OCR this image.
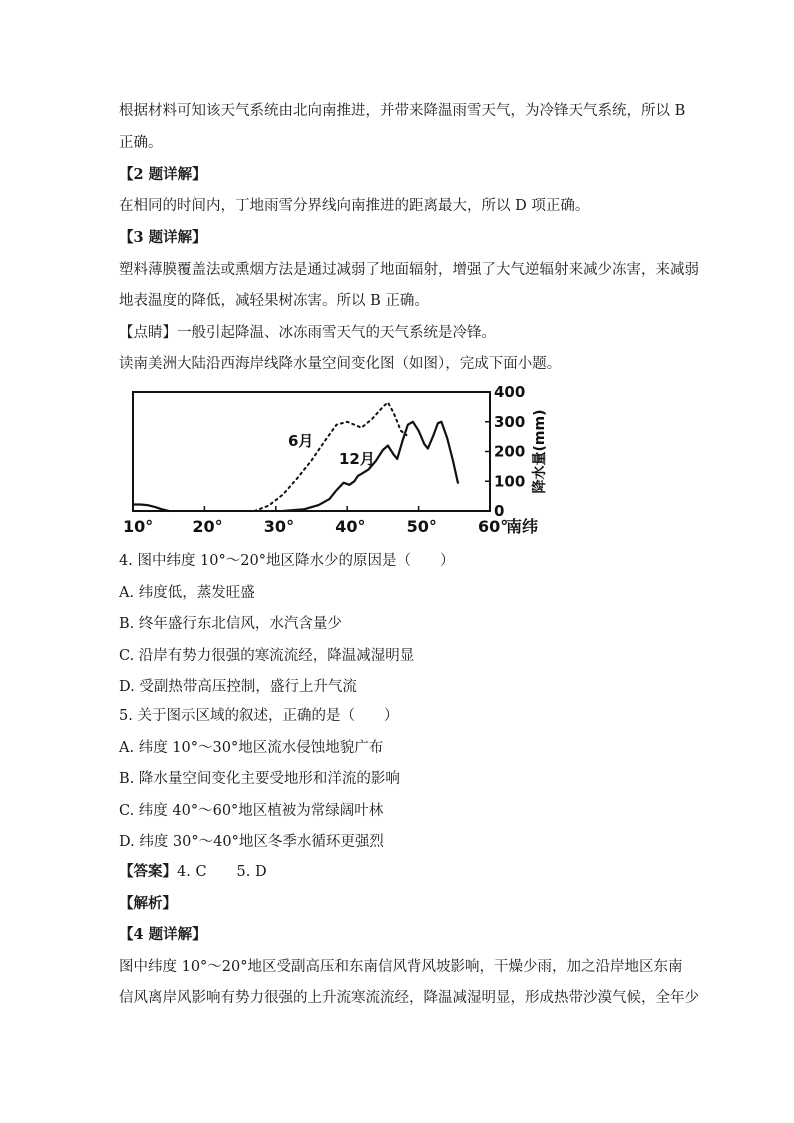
根据材料可知该天气系统由北向南推进，并带来降温雨雪天气，为冷锋天气系统，所以 B
正确。
【2 题详解】
在相同的时间内，丁地雨雪分界线向南推进的距离最大，所以 D 项正确。
【3 题详解】
塑料薄膜覆盖法或熏烟方法是通过减弱了地面辐射，增强了大气逆辐射来减少冻害，来减弱
地表温度的降低，减轻果树冻害。所以 B 正确。
【点睛】一般引起降温、冰冻雨雪天气的天气系统是冷锋。
读南美洲大陆沿西海岸线降水量空间变化图（如图），完成下面小题。
10° 20°	30°	40°	50°	60°
0
100
200
300
400
南纬
降水量(mm)
6月
12月
4. 图中纬度 10°～20°地区降水少的原因是（　　）
A. 纬度低，蒸发旺盛
B. 终年盛行东北信风，水汽含量少
C. 沿岸有势力很强的寒流流经，降温减湿明显
D. 受副热带高压控制，盛行上升气流
5. 关于图示区域的叙述，正确的是（　　）
A. 纬度 10°～30°地区流水侵蚀地貌广布
B. 降水量空间变化主要受地形和洋流的影响
C. 纬度 40°～60°地区植被为常绿阔叶林
D. 纬度 30°～40°地区冬季水循环更强烈
【答案】4. C 5. D
【解析】
【4 题详解】
图中纬度 10°～20°地区受副高压和东南信风背风坡影响，干燥少雨，加之沿岸地区东南
信风离岸风影响有势力很强的上升流寒流流经，降温减湿明显，形成热带沙漠气候，全年少
